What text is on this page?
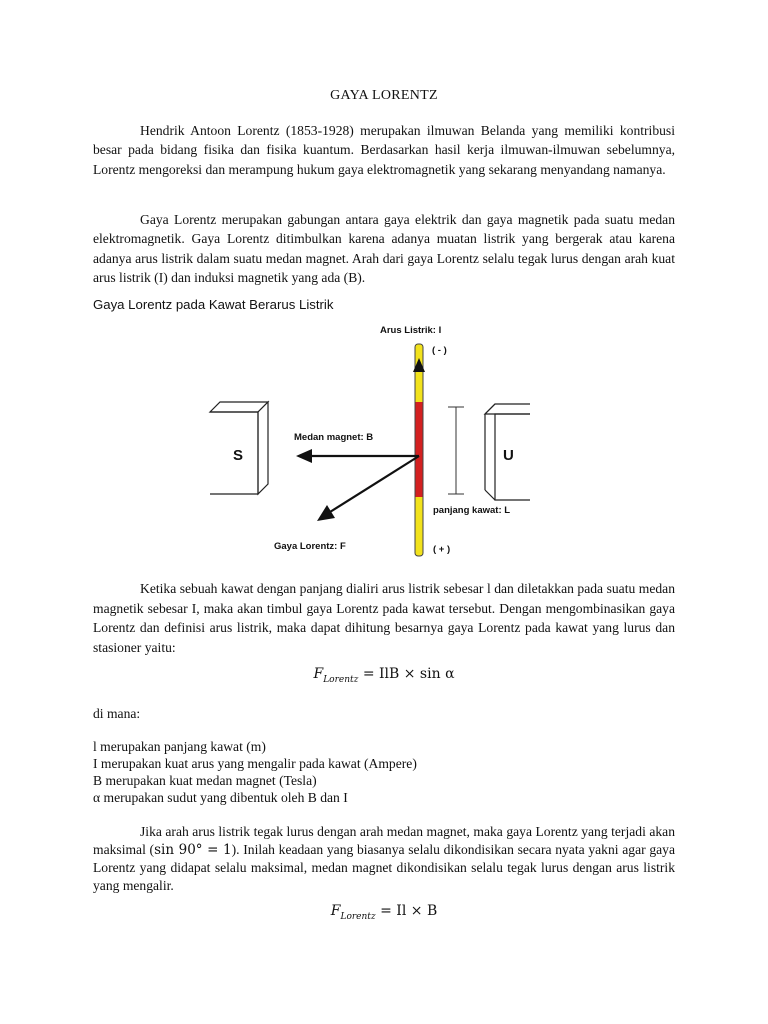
GAYA LORENTZ

Hendrik Antoon Lorentz (1853-1928) merupakan ilmuwan Belanda yang memiliki kontribusi besar pada bidang fisika dan fisika kuantum. Berdasarkan hasil kerja ilmuwan-ilmuwan sebelumnya, Lorentz mengoreksi dan merampung hukum gaya elektromagnetik yang sekarang menyandang namanya.

Gaya Lorentz merupakan gabungan antara gaya elektrik dan gaya magnetik pada suatu medan elektromagnetik. Gaya Lorentz ditimbulkan karena adanya muatan listrik yang bergerak atau karena adanya arus listrik dalam suatu medan magnet. Arah dari gaya Lorentz selalu tegak lurus dengan arah kuat arus listrik (I) dan induksi magnetik yang ada (B).

Gaya Lorentz pada Kawat Berarus Listrik
S	U
Arus Listrik: I
( - )
Medan magnet: B
panjang kawat: L
Gaya Lorentz: F	( + )

Ketika sebuah kawat dengan panjang dialiri arus listrik sebesar l dan diletakkan pada suatu medan magnetik sebesar I, maka akan timbul gaya Lorentz pada kawat tersebut. Dengan mengombinasikan gaya Lorentz dan definisi arus listrik, maka dapat dihitung besarnya gaya Lorentz pada kawat yang lurus dan stasioner yaitu:

$F_{Lorentz}$ = IlB × sin α
di mana:
l merupakan panjang kawat (m)
I merupakan kuat arus yang mengalir pada kawat (Ampere)
B merupakan kuat medan magnet (Tesla)
α merupakan sudut yang dibentuk oleh B dan I

Jika arah arus listrik tegak lurus dengan arah medan magnet, maka gaya Lorentz yang terjadi akan maksimal (sin 90° = 1). Inilah keadaan yang biasanya selalu dikondisikan secara nyata yakni agar gaya Lorentz yang didapat selalu maksimal, medan magnet dikondisikan selalu tegak lurus dengan arus listrik yang mengalir.

$F_{Lorentz} = Il \times B$
